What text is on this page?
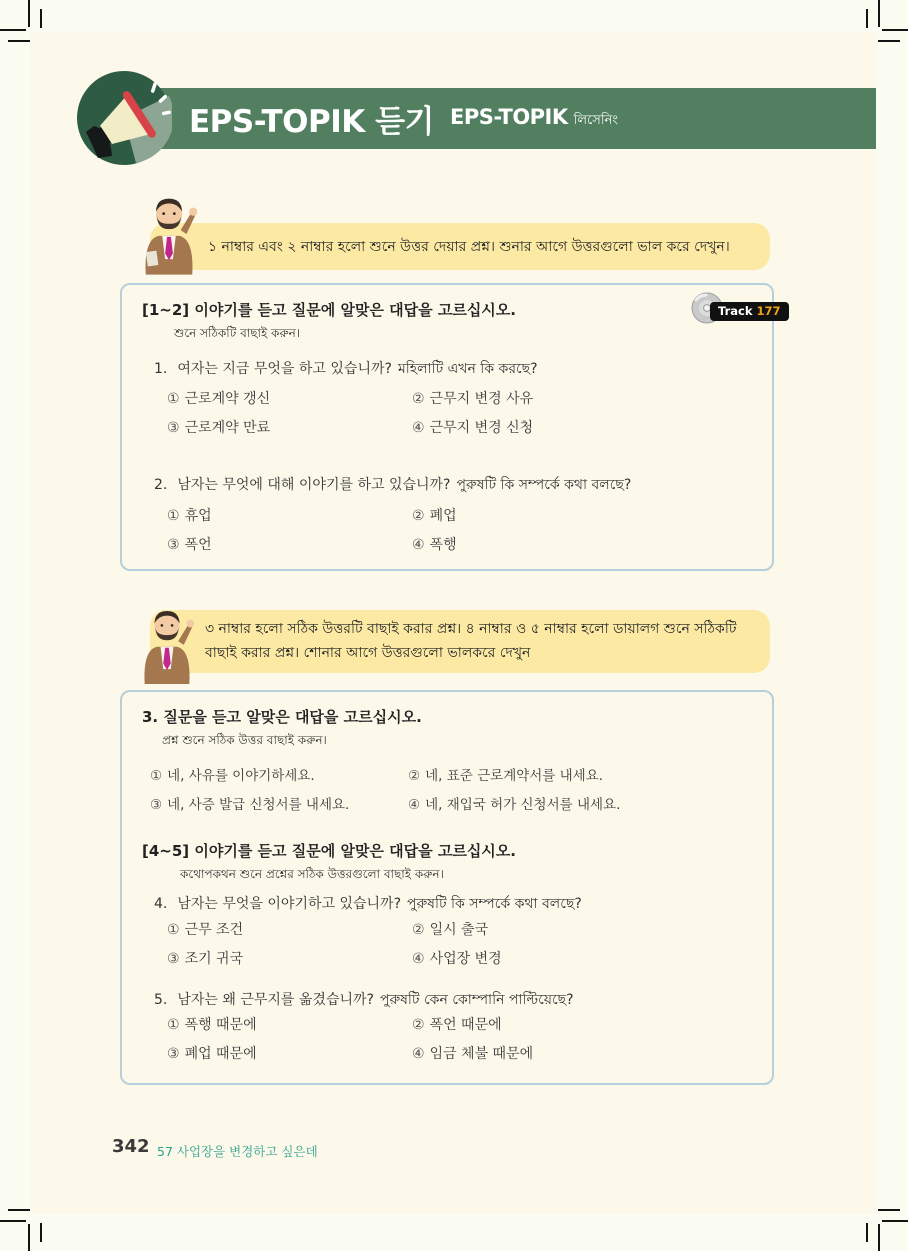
EPS-TOPIK 듣기 EPS-TOPIK লিসেনিং
১ নাম্বার এবং ২ নাম্বার হলো শুনে উত্তর দেয়ার প্রশ্ন। শুনার আগে উত্তরগুলো ভাল করে দেখুন।
[1~2] 이야기를 듣고 질문에 알맞은 대답을 고르십시오.
শুনে সঠিকটি বাছাই করুন।
Track 177
1. 여자는 지금 무엇을 하고 있습니까? মহিলাটি এখন কি করছে?
① 근로계약 갱신	② 근무지 변경 사유
③ 근로계약 만료	④ 근무지 변경 신청
2. 남자는 무엇에 대해 이야기를 하고 있습니까? পুরুষটি কি সম্পর্কে কথা বলছে?
① 휴업	② 폐업
③ 폭언	④ 폭행
৩ নাম্বার হলো সঠিক উত্তরটি বাছাই করার প্রশ্ন। ৪ নাম্বার ও ৫ নাম্বার হলো ডায়ালগ শুনে সঠিকটি বাছাই করার প্রশ্ন। শোনার আগে উত্তরগুলো ভালকরে দেখুন
3. 질문을 듣고 알맞은 대답을 고르십시오.
প্রশ্ন শুনে সঠিক উত্তর বাছাই করুন।
① 네, 사유를 이야기하세요.	② 네, 표준 근로계약서를 내세요.
③ 네, 사증 발급 신청서를 내세요.	④ 네, 재입국 허가 신청서를 내세요.
[4~5] 이야기를 듣고 질문에 알맞은 대답을 고르십시오.
কথোপকথন শুনে প্রশ্নের সঠিক উত্তরগুলো বাছাই করুন।
4. 남자는 무엇을 이야기하고 있습니까? পুরুষটি কি সম্পর্কে কথা বলছে?
① 근무 조건	② 일시 출국
③ 조기 귀국	④ 사업장 변경
5. 남자는 왜 근무지를 옮겼습니까? পুরুষটি কেন কোম্পানি পাল্টিয়েছে?
① 폭행 때문에	② 폭언 때문에
③ 폐업 때문에	④ 임금 체불 때문에
342 57 사업장을 변경하고 싶은데
